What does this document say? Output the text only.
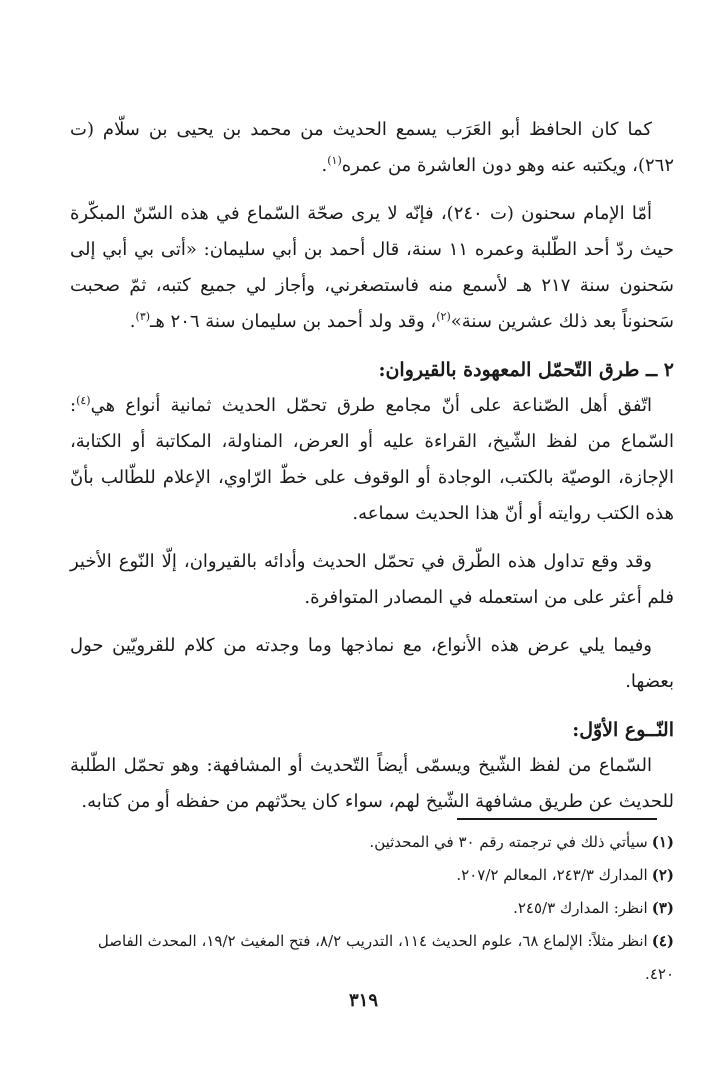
كما كان الحافظ أبو العَرَب يسمع الحديث من محمد بن يحيى بن سلّام (ت ٢٦٢)، ويكتبه عنه وهو دون العاشرة من عمره$^{(١)}$.

أمّا الإمام سحنون (ت ٢٤٠)، فإنّه لا يرى صحّة السّماع في هذه السّنّ المبكّرة حيث ردّ أحد الطّلبة وعمره ١١ سنة، قال أحمد بن أبي سليمان: «أتى بي أبي إلى سَحنون سنة ٢١٧ هـ لأسمع منه فاستصغرني، وأجاز لي جميع كتبه، ثمّ صحبت سَحنوناً بعد ذلك عشرين سنة»$^{(٢)}$، وقد ولد أحمد بن سليمان سنة ٢٠٦ هـ$^{(٣)}$.

٢ ــ طرق التّحمّل المعهودة بالقيروان:

اتّفق أهل الصّناعة على أنّ مجامع طرق تحمّل الحديث ثمانية أنواع هي$^{(٤)}$: السّماع من لفظ الشّيخ، القراءة عليه أو العرض، المناولة، المكاتبة أو الكتابة، الإجازة، الوصيّة بالكتب، الوجادة أو الوقوف على خطّ الرّاوي، الإعلام للطّالب بأنّ هذه الكتب روايته أو أنّ هذا الحديث سماعه.

وقد وقع تداول هذه الطّرق في تحمّل الحديث وأدائه بالقيروان، إلّا النّوع الأخير فلم أعثر على من استعمله في المصادر المتوافرة.

وفيما يلي عرض هذه الأنواع، مع نماذجها وما وجدته من كلام للقرويّين حول بعضها.

النّــوع الأوّل:

السّماع من لفظ الشّيخ ويسمّى أيضاً التّحديث أو المشافهة: وهو تحمّل الطّلبة للحديث عن طريق مشافهة الشّيخ لهم، سواء كان يحدّثهم من حفظه أو من كتابه.

(١)سيأتي ذلك في ترجمته رقم ٣٠ في المحدثين.

(٢)المدارك ٢٤٣/٣، المعالم ٢٠٧/٢.

(٣)انظر: المدارك ٢٤٥/٣.

(٤)انظر مثلاً: الإلماع ٦٨، علوم الحديث ١١٤، التدريب ٨/٢، فتح المغيث ١٩/٢، المحدث الفاصل ٤٢٠.

٣١٩
